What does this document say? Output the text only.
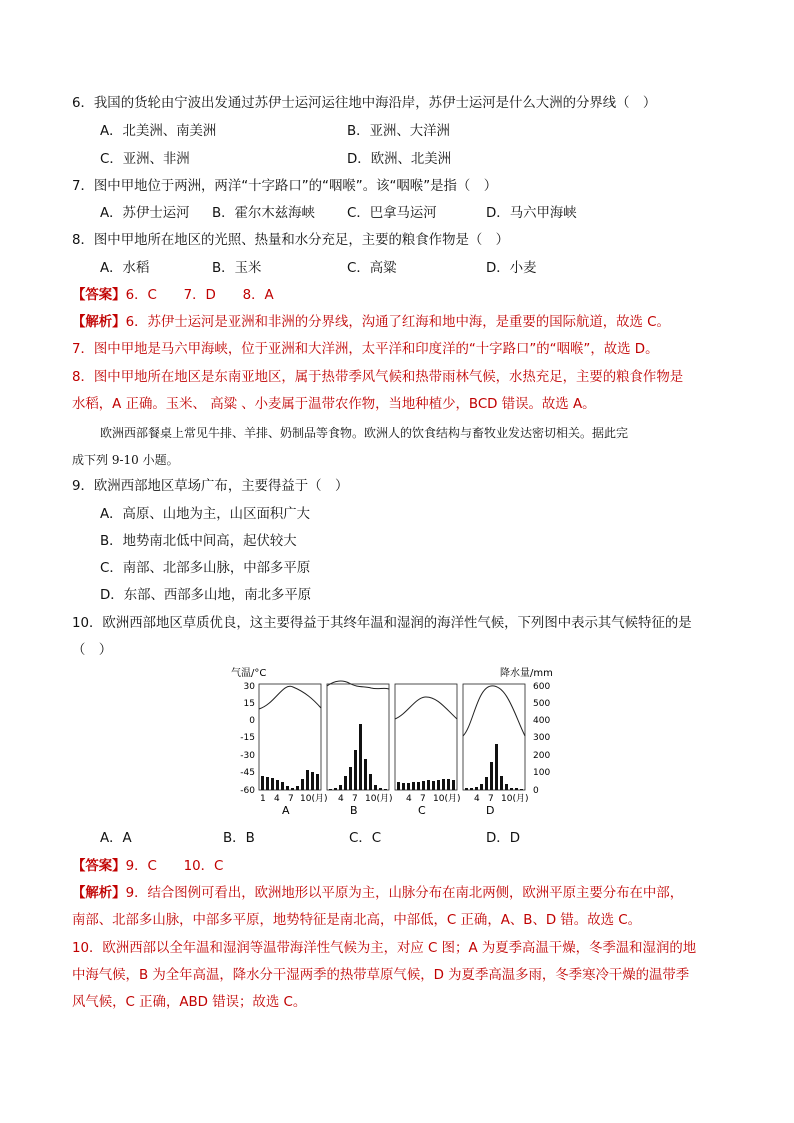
6．我国的货轮由宁波出发通过苏伊士运河运往地中海沿岸，苏伊士运河是什么大洲的分界线（　）
A．北美洲、南美洲	B．亚洲、大洋洲
C．亚洲、非洲	D．欧洲、北美洲
7．图中甲地位于两洲，两洋“十字路口”的“咽喉”。该“咽喉”是指（　）
A．苏伊士运河 B．霍尔木兹海峡 C．巴拿马运河	D．马六甲海峡
8．图中甲地所在地区的光照、热量和水分充足，主要的粮食作物是（　）
A．水稻	B．玉米	C．高粱	D．小麦
【答案】6．C　　7．D　　8．A
【解析】6．苏伊士运河是亚洲和非洲的分界线，沟通了红海和地中海，是重要的国际航道，故选 C。
7．图中甲地是马六甲海峡，位于亚洲和大洋洲，太平洋和印度洋的“十字路口”的“咽喉”，故选 D。
8．图中甲地所在地区是东南亚地区，属于热带季风气候和热带雨林气候，水热充足，主要的粮食作物是
水稻，A 正确。玉米、 高粱 、小麦属于温带农作物，当地种植少，BCD 错误。故选 A。
欧洲西部餐桌上常见牛排、羊排、奶制品等食物。欧洲人的饮食结构与畜牧业发达密切相关。据此完
成下列 9-10 小题。
9．欧洲西部地区草场广布，主要得益于（　）
A．高原、山地为主，山区面积广大
B．地势南北低中间高，起伏较大
C．南部、北部多山脉，中部多平原
D．东部、西部多山地，南北多平原
10．欧洲西部地区草质优良，这主要得益于其终年温和湿润的海洋性气候，下列图中表示其气候特征的是
（　）
气温/°C	降水量/mm
30
15
0
-15
-30
-45
-60
600
500
400
300
200
100
0
1 4 7 10(月)
A
4 7 10(月)
B
4 7 10(月)
C
4 7 10(月)
D
A．A	B．B	C．C	D．D
【答案】9．C　　10．C
【解析】9．结合图例可看出，欧洲地形以平原为主，山脉分布在南北两侧，欧洲平原主要分布在中部，
南部、北部多山脉，中部多平原，地势特征是南北高，中部低，C 正确，A、B、D 错。故选 C。
10．欧洲西部以全年温和湿润等温带海洋性气候为主，对应 C 图；A 为夏季高温干燥，冬季温和湿润的地
中海气候，B 为全年高温，降水分干湿两季的热带草原气候，D 为夏季高温多雨，冬季寒冷干燥的温带季
风气候，C 正确，ABD 错误；故选 C。
